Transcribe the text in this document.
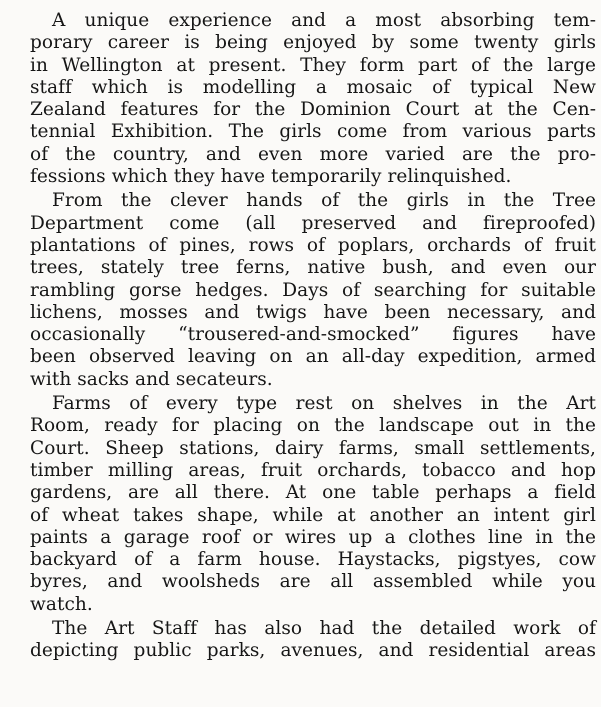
A unique experience and a most absorbing tem-
porary career is being enjoyed by some twenty girls
in Wellington at present. They form part of the large
staff which is modelling a mosaic of typical New
Zealand features for the Dominion Court at the Cen-
tennial Exhibition. The girls come from various parts
of the country, and even more varied are the pro-
fessions which they have temporarily relinquished.

From the clever hands of the girls in the Tree
Department come (all preserved and fireproofed)
plantations of pines, rows of poplars, orchards of fruit
trees, stately tree ferns, native bush, and even our
rambling gorse hedges. Days of searching for suitable
lichens, mosses and twigs have been necessary, and
occasionally “trousered-and-smocked” figures have
been observed leaving on an all-day expedition, armed
with sacks and secateurs.

Farms of every type rest on shelves in the Art
Room, ready for placing on the landscape out in the
Court. Sheep stations, dairy farms, small settlements,
timber milling areas, fruit orchards, tobacco and hop
gardens, are all there. At one table perhaps a field
of wheat takes shape, while at another an intent girl
paints a garage roof or wires up a clothes line in the
backyard of a farm house. Haystacks, pigstyes, cow
byres, and woolsheds are all assembled while you
watch.

The Art Staff has also had the detailed work of
depicting public parks, avenues, and residential areas
